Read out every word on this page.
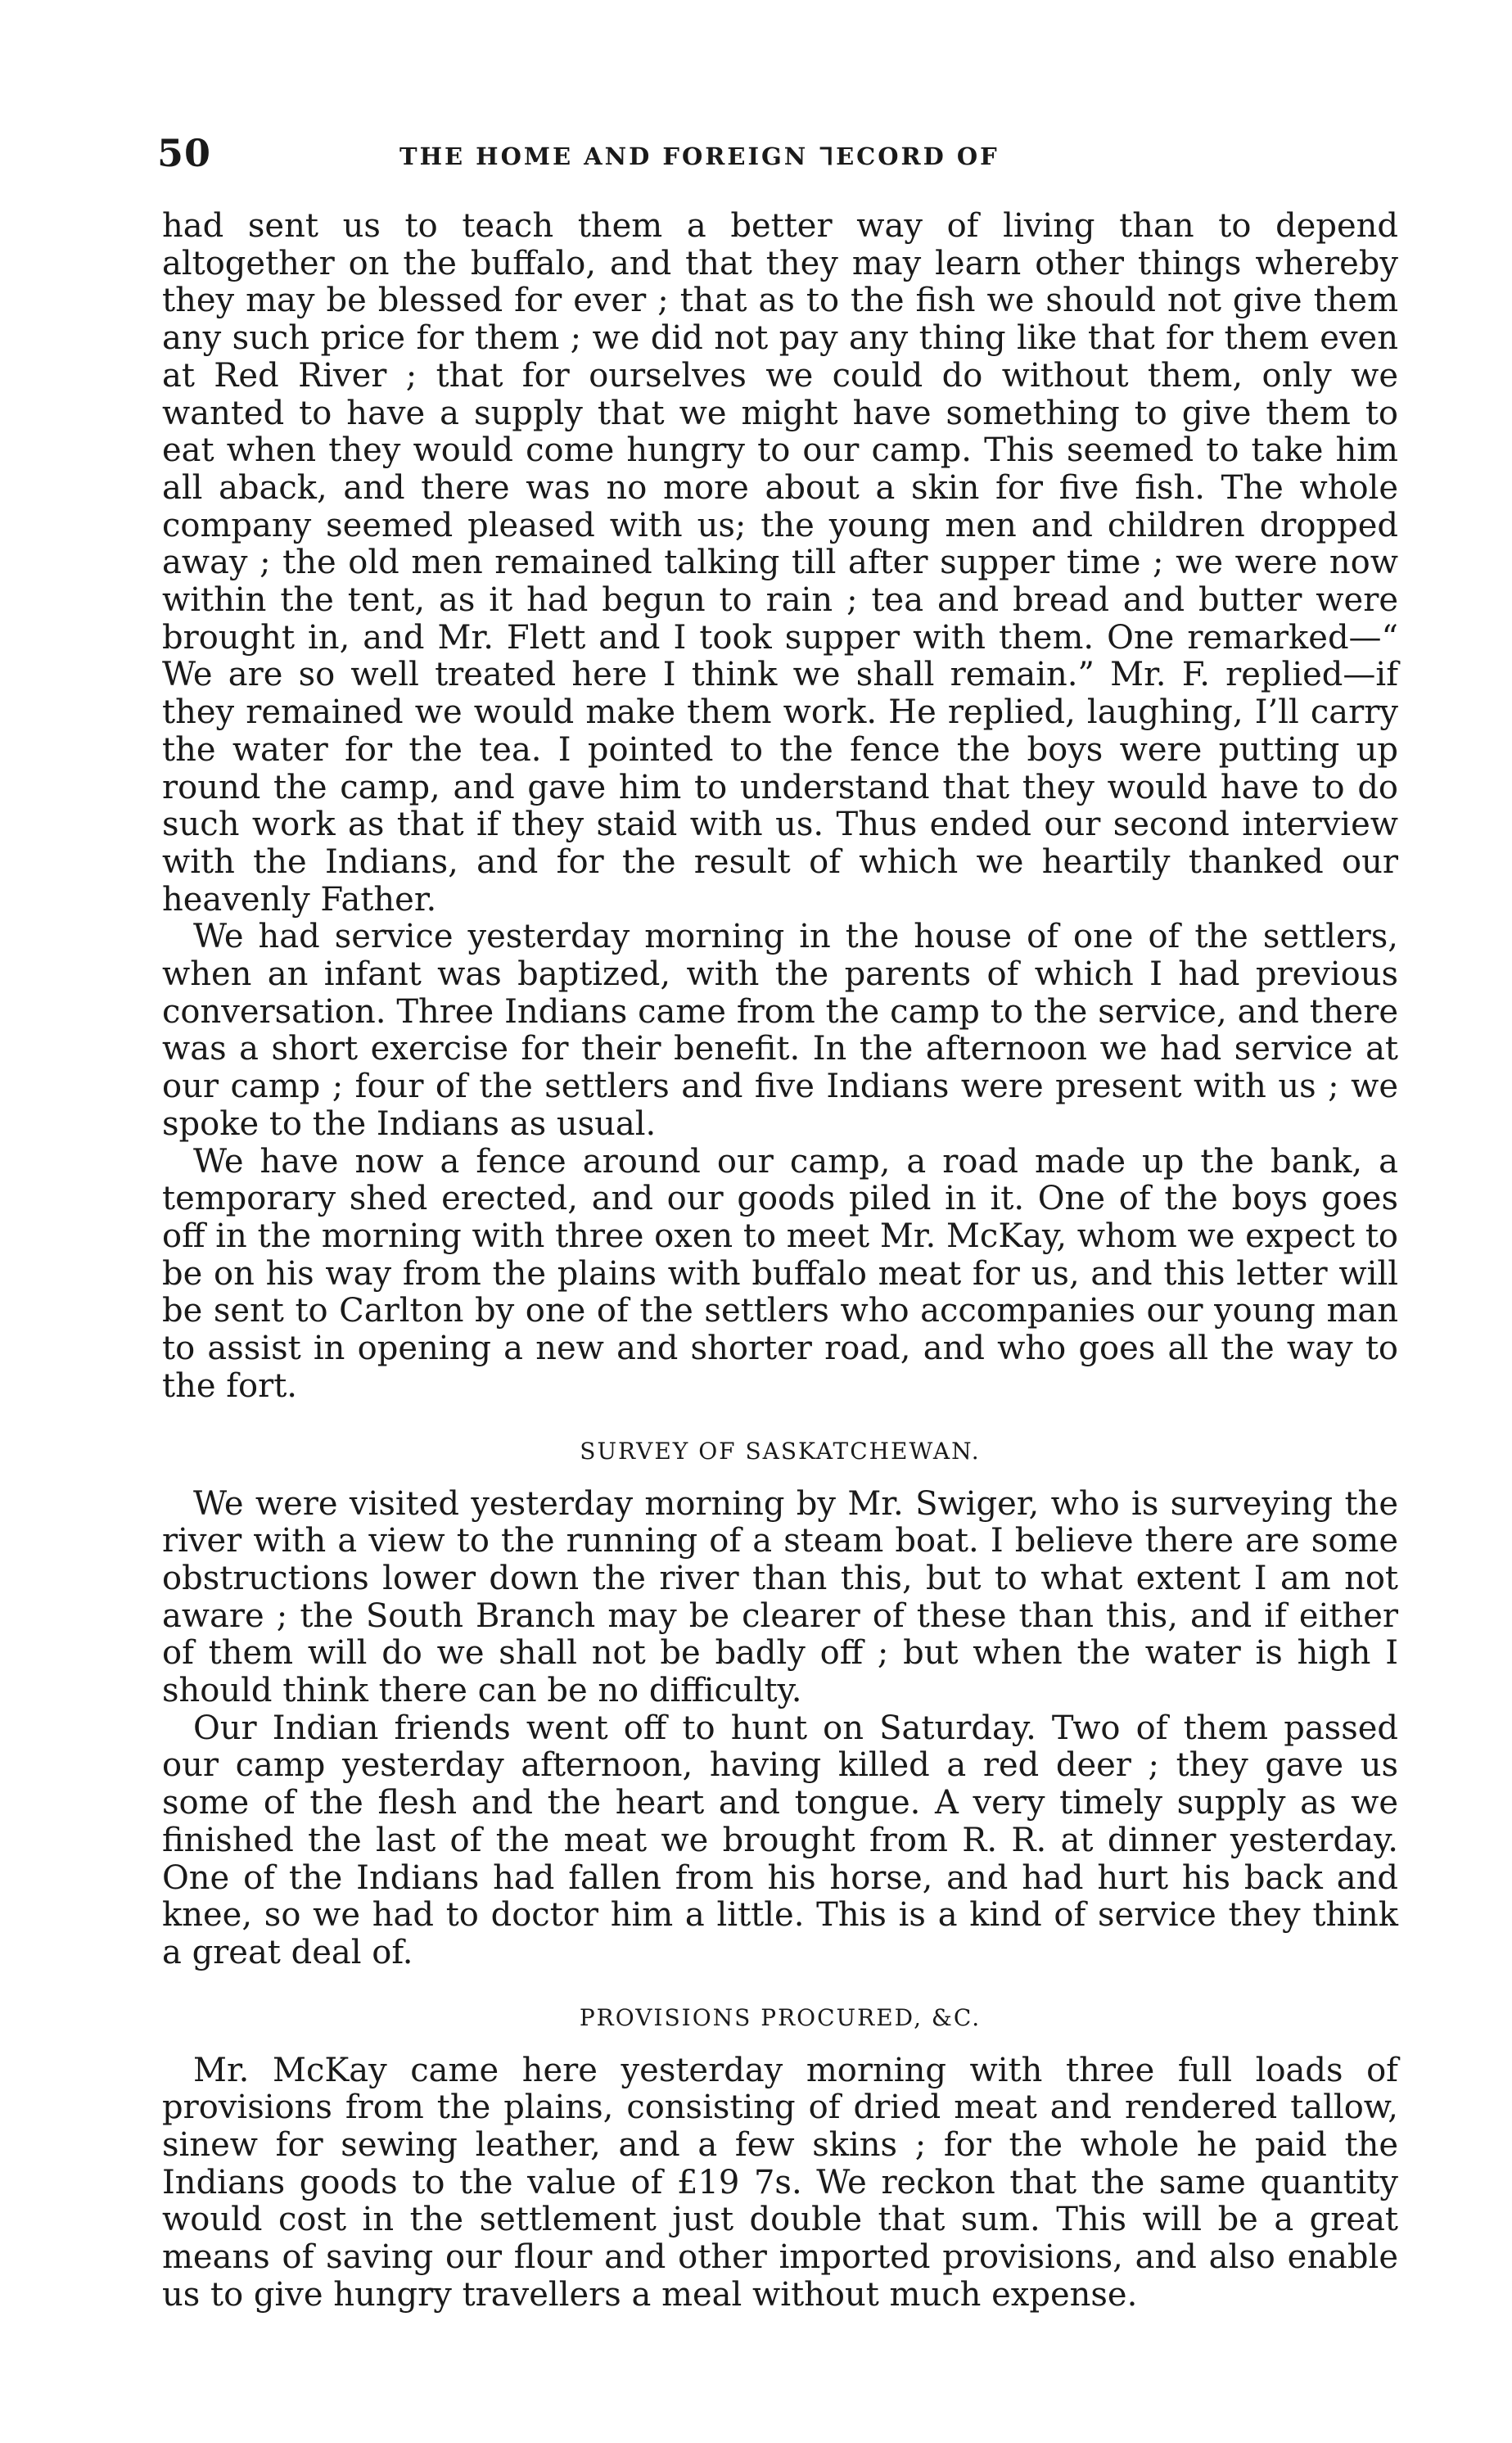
50	THE HOME AND FOREIGN ᒣECORD OF

had sent us to teach them a better way of living than to depend altogether on the buffalo, and that they may learn other things whereby they may be blessed for ever ; that as to the fish we should not give them any such price for them ; we did not pay any thing like that for them even at Red River ; that for ourselves we could do without them, only we wanted to have a supply that we might have something to give them to eat when they would come hungry to our camp. This seemed to take him all aback, and there was no more about a skin for five fish. The whole company seemed pleased with us; the young men and children dropped away ; the old men remained talking till after supper time ; we were now within the tent, as it had begun to rain ; tea and bread and butter were brought in, and Mr. Flett and I took supper with them. One remarked—“ We are so well treated here I think we shall remain.” Mr. F. replied—if they remained we would make them work. He replied, laughing, I’ll carry the water for the tea. I pointed to the fence the boys were putting up round the camp, and gave him to understand that they would have to do such work as that if they staid with us. Thus ended our second interview with the Indians, and for the result of which we heartily thanked our heavenly Father.

We had service yesterday morning in the house of one of the settlers, when an infant was baptized, with the parents of which I had previous conversation. Three Indians came from the camp to the service, and there was a short exercise for their benefit. In the afternoon we had service at our camp ; four of the settlers and five Indians were present with us ; we spoke to the Indians as usual.

We have now a fence around our camp, a road made up the bank, a temporary shed erected, and our goods piled in it. One of the boys goes off in the morning with three oxen to meet Mr. McKay, whom we expect to be on his way from the plains with buffalo meat for us, and this letter will be sent to Carlton by one of the settlers who accompanies our young man to assist in opening a new and shorter road, and who goes all the way to the fort.

SURVEY OF SASKATCHEWAN.

We were visited yesterday morning by Mr. Swiger, who is surveying the river with a view to the running of a steam boat. I believe there are some obstructions lower down the river than this, but to what extent I am not aware ; the South Branch may be clearer of these than this, and if either of them will do we shall not be badly off ; but when the water is high I should think there can be no difficulty.

Our Indian friends went off to hunt on Saturday. Two of them passed our camp yesterday afternoon, having killed a red deer ; they gave us some of the flesh and the heart and tongue. A very timely supply as we finished the last of the meat we brought from R. R. at dinner yesterday. One of the Indians had fallen from his horse, and had hurt his back and knee, so we had to doctor him a little. This is a kind of service they think a great deal of.

PROVISIONS PROCURED, &C.

Mr. McKay came here yesterday morning with three full loads of provisions from the plains, consisting of dried meat and rendered tallow, sinew for sewing leather, and a few skins ; for the whole he paid the Indians goods to the value of £19 7s. We reckon that the same quantity would cost in the settlement just double that sum. This will be a great means of saving our flour and other imported provisions, and also enable us to give hungry travellers a meal without much expense.
